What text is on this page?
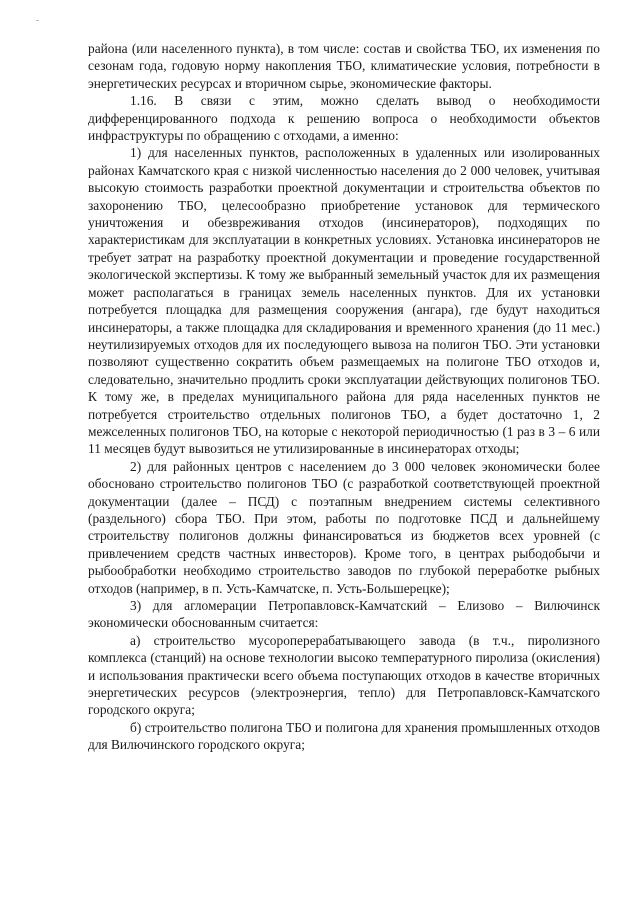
района (или населенного пункта), в том числе: состав и свойства ТБО, их изменения по сезонам года, годовую норму накопления ТБО, климатические условия, потребности в энергетических ресурсах и вторичном сырье, экономические факторы.

1.16. В связи с этим, можно сделать вывод о необходимости дифференцированного подхода к решению вопроса о необходимости объектов инфраструктуры по обращению с отходами, а именно:

1) для населенных пунктов, расположенных в удаленных или изолированных районах Камчатского края с низкой численностью населения до 2 000 человек, учитывая высокую стоимость разработки проектной документации и строительства объектов по захоронению ТБО, целесообразно приобретение установок для термического уничтожения и обезвреживания отходов (инсинераторов), подходящих по характеристикам для эксплуатации в конкретных условиях. Установка инсинераторов не требует затрат на разработку проектной документации и проведение государственной экологической экспертизы. К тому же выбранный земельный участок для их размещения может располагаться в границах земель населенных пунктов. Для их установки потребуется площадка для размещения сооружения (ангара), где будут находиться инсинераторы, а также площадка для складирования и временного хранения (до 11 мес.) неутилизируемых отходов для их последующего вывоза на полигон ТБО. Эти установки позволяют существенно сократить объем размещаемых на полигоне ТБО отходов и, следовательно, значительно продлить сроки эксплуатации действующих полигонов ТБО. К тому же, в пределах муниципального района для ряда населенных пунктов не потребуется строительство отдельных полигонов ТБО, а будет достаточно 1, 2 межселенных полигонов ТБО, на которые с некоторой периодичностью (1 раз в 3 – 6 или 11 месяцев будут вывозиться не утилизированные в инсинераторах отходы;

2) для районных центров с населением до 3 000 человек экономически более обосновано строительство полигонов ТБО (с разработкой соответствующей проектной документации (далее – ПСД) с поэтапным внедрением системы селективного (раздельного) сбора ТБО. При этом, работы по подготовке ПСД и дальнейшему строительству полигонов должны финансироваться из бюджетов всех уровней (с привлечением средств частных инвесторов). Кроме того, в центрах рыбодобычи и рыбообработки необходимо строительство заводов по глубокой переработке рыбных отходов (например, в п. Усть-Камчатске, п. Усть-Большерецке);

3) для агломерации Петропавловск-Камчатский – Елизово – Вилючинск экономически обоснованным считается:

а) строительство мусороперерабатывающего завода (в т.ч., пиролизного комплекса (станций) на основе технологии высоко температурного пиролиза (окисления) и использования практически всего объема поступающих отходов в качестве вторичных энергетических ресурсов (электроэнергия, тепло) для Петропавловск-Камчатского городского округа;

б) строительство полигона ТБО и полигона для хранения промышленных отходов для Вилючинского городского округа;
